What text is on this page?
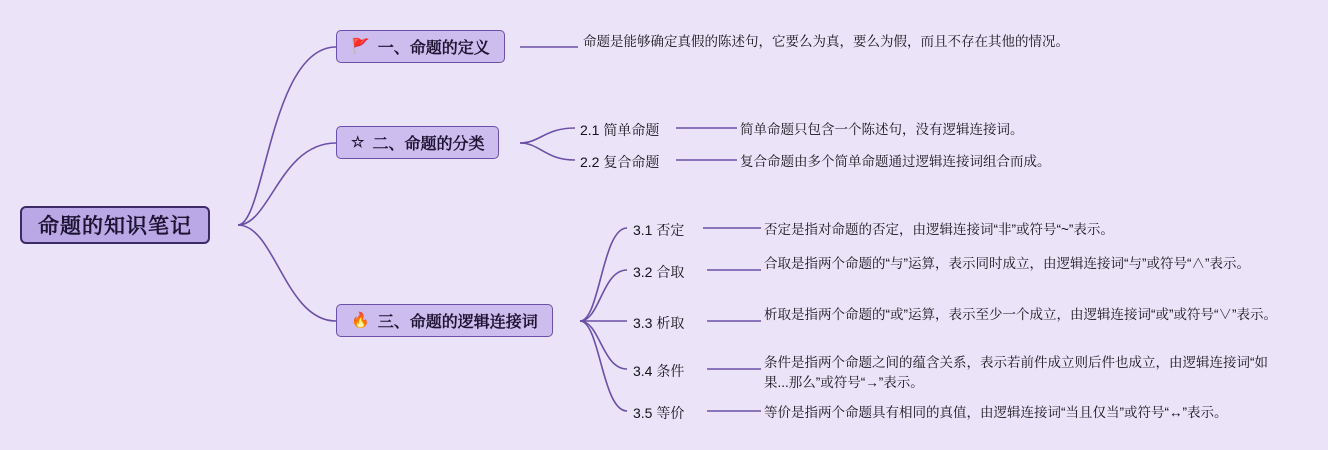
命题的知识笔记
🚩 一、命题的定义	命题是能够确定真假的陈述句，它要么为真，要么为假，而且不存在其他的情况。
☆ 二、命题的分类
2.1 简单命题	简单命题只包含一个陈述句，没有逻辑连接词。
2.2 复合命题	复合命题由多个简单命题通过逻辑连接词组合而成。
🔥 三、命题的逻辑连接词
3.1 否定	否定是指对命题的否定，由逻辑连接词“非”或符号“~”表示。
3.2 合取
合取是指两个命题的“与”运算，表示同时成立，由逻辑连接词“与”或符号“∧”表示。
3.3 析取
析取是指两个命题的“或”运算，表示至少一个成立，由逻辑连接词“或”或符号“∨”表示。
3.4 条件
条件是指两个命题之间的蕴含关系，表示若前件成立则后件也成立，由逻辑连接词“如果...那么”或符号“→”表示。
3.5 等价	等价是指两个命题具有相同的真值，由逻辑连接词“当且仅当”或符号“↔”表示。
